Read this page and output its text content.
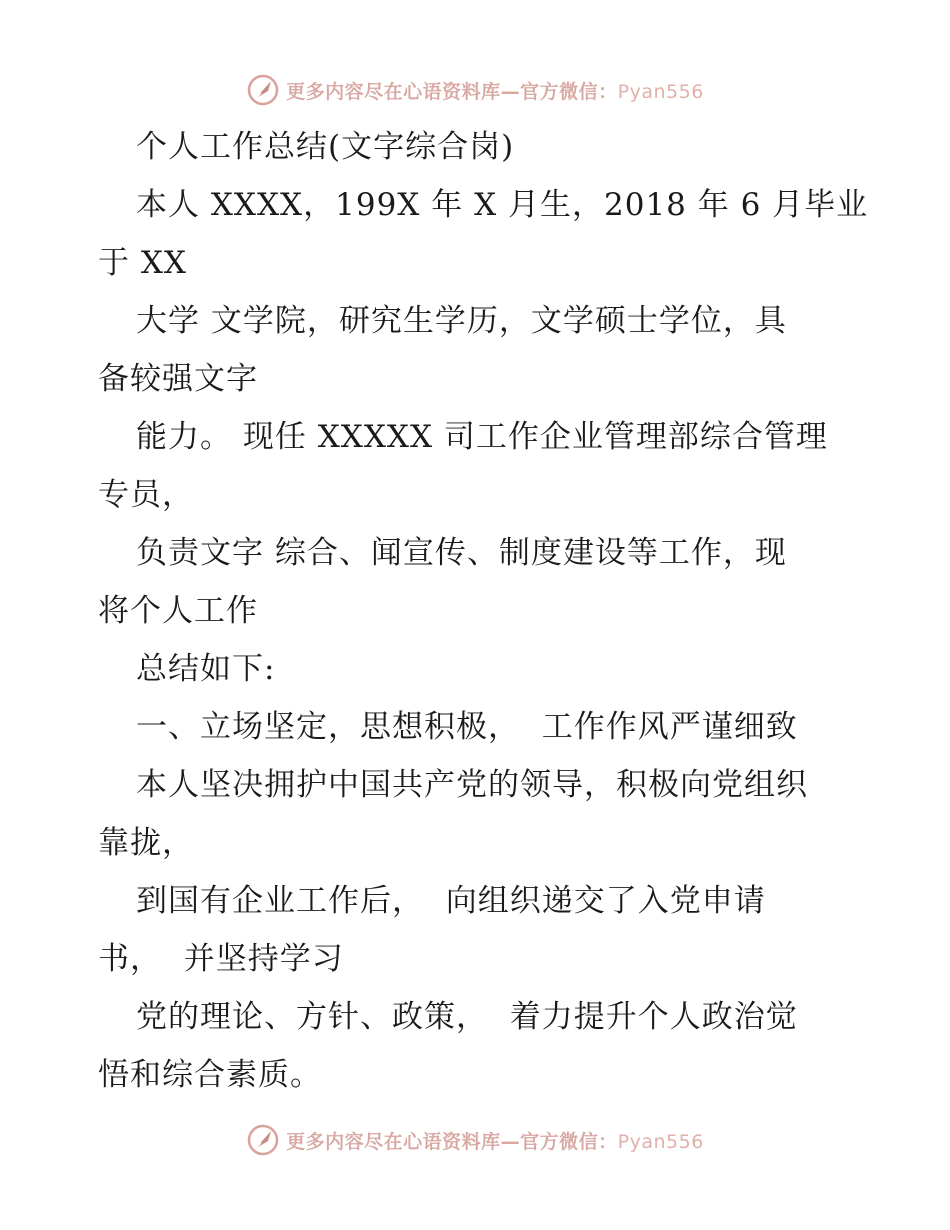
更多内容尽在心语资料库—官方微信：Pyan556
个人工作总结(文字综合岗)
本人 XXXX，199X 年 X 月生，2018 年 6 月毕业
于 XX
大学 文学院，研究生学历，文学硕士学位，具
备较强文字
能力。 现任 XXXXX 司工作企业管理部综合管理
专员，
负责文字 综合、闻宣传、制度建设等工作，现
将个人工作
总结如下:
一、立场坚定，思想积极，  工作作风严谨细致
本人坚决拥护中国共产党的领导，积极向党组织
靠拢，
到国有企业工作后，  向组织递交了入党申请
书，  并坚持学习
党的理论、方针、政策，  着力提升个人政治觉
悟和综合素质。
更多内容尽在心语资料库—官方微信：Pyan556
